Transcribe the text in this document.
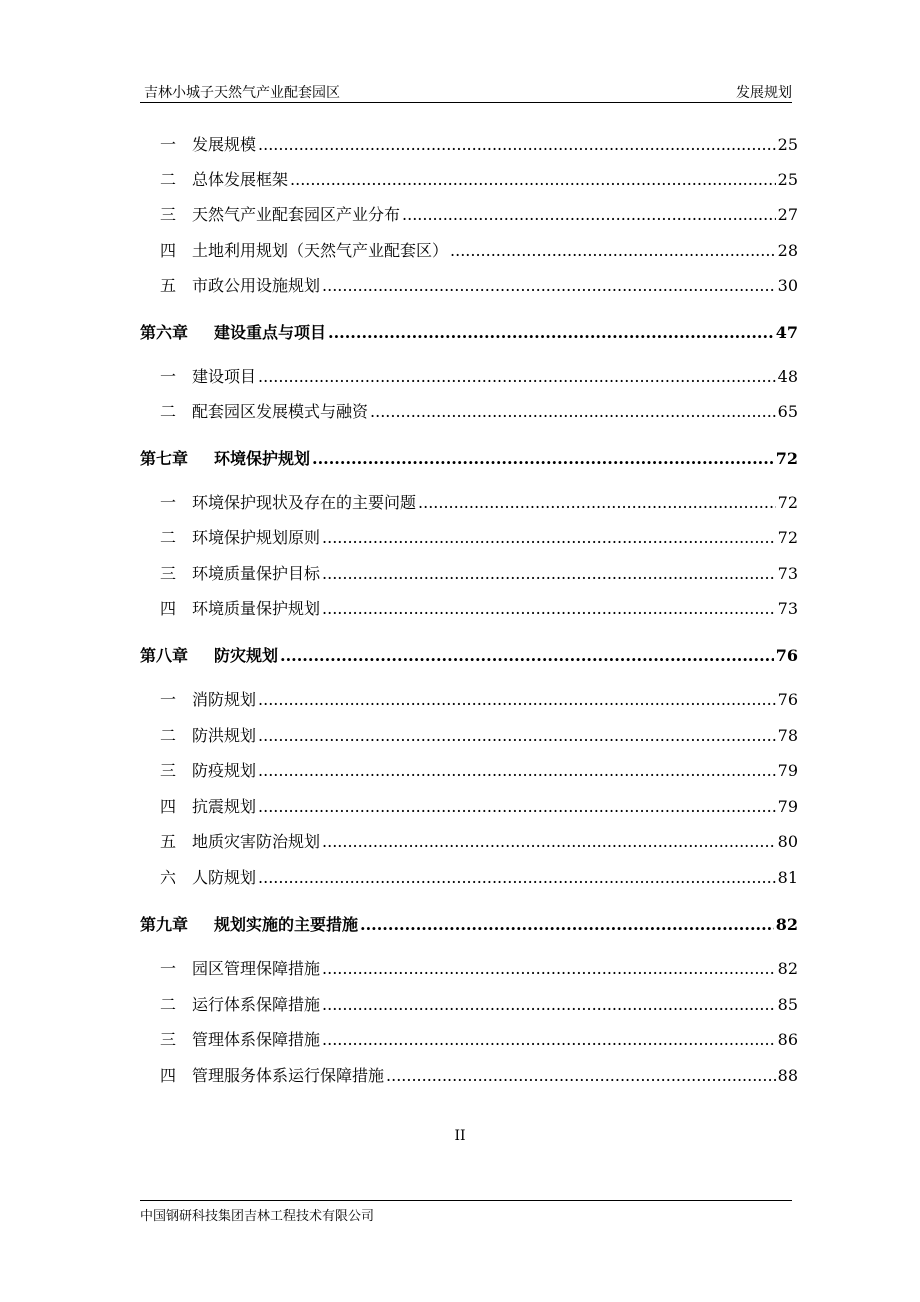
吉林小城子天然气产业配套园区	发展规划
一 发展规模 .....	25
二 总体发展框架 .....	25
三 天然气产业配套园区产业分布 .....	27
四 土地利用规划（天然气产业配套区） .....	28
五 市政公用设施规划 .....	30
第六章	建设重点与项目 .....	47
一 建设项目 .....	48
二 配套园区发展模式与融资 .....	65
第七章	环境保护规划 .....	72
一 环境保护现状及存在的主要问题 .....	72
二 环境保护规划原则 .....	72
三 环境质量保护目标 .....	73
四 环境质量保护规划 .....	73
第八章	防灾规划 .....	76
一 消防规划 .....	76
二 防洪规划 .....	78
三 防疫规划 .....	79
四 抗震规划 .....	79
五 地质灾害防治规划 .....	80
六 人防规划 .....	81
第九章	规划实施的主要措施 .....	82
一 园区管理保障措施 .....	82
二 运行体系保障措施 .....	85
三 管理体系保障措施 .....	86
四 管理服务体系运行保障措施 .....	88
II
中国钢研科技集团吉林工程技术有限公司
